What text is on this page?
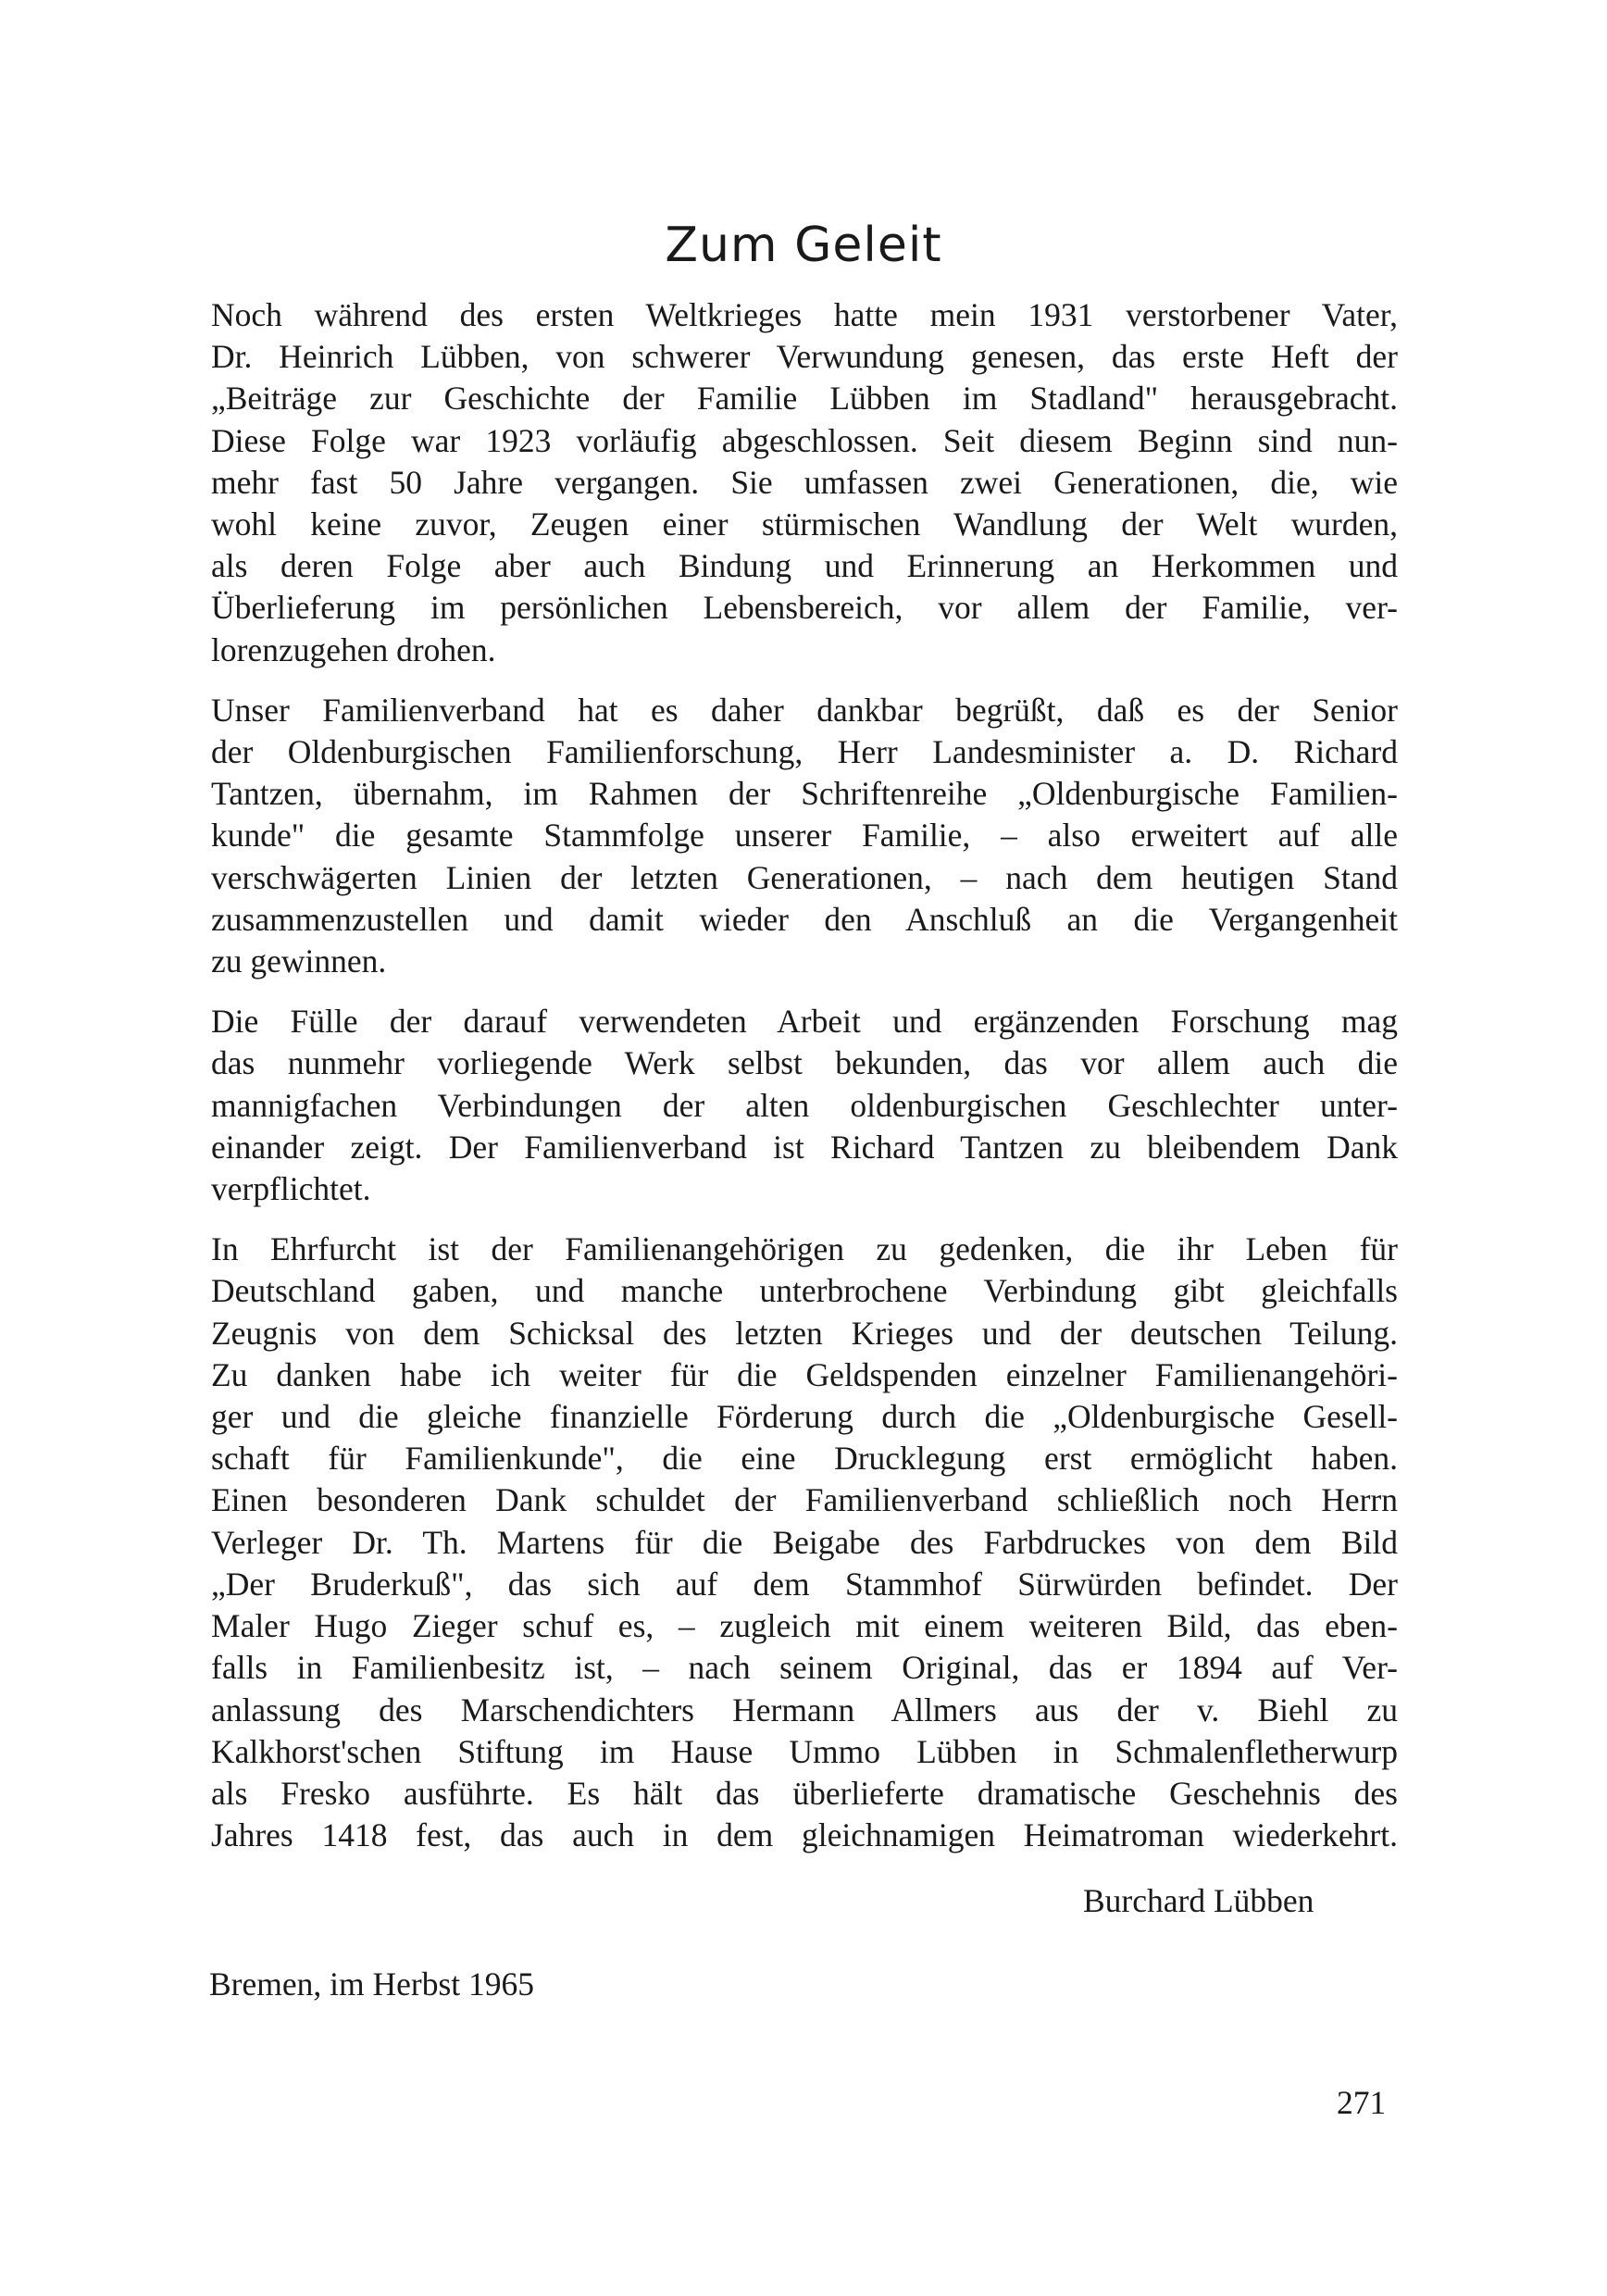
Zum Geleit

Noch während des ersten Weltkrieges hatte mein 1931 verstorbener Vater,
Dr. Heinrich Lübben, von schwerer Verwundung genesen, das erste Heft der
„Beiträge zur Geschichte der Familie Lübben im Stadland" herausgebracht.
Diese Folge war 1923 vorläufig abgeschlossen. Seit diesem Beginn sind nun-
mehr fast 50 Jahre vergangen. Sie umfassen zwei Generationen, die, wie
wohl keine zuvor, Zeugen einer stürmischen Wandlung der Welt wurden,
als deren Folge aber auch Bindung und Erinnerung an Herkommen und
Überlieferung im persönlichen Lebensbereich, vor allem der Familie, ver-
lorenzugehen drohen.

Unser Familienverband hat es daher dankbar begrüßt, daß es der Senior
der Oldenburgischen Familienforschung, Herr Landesminister a. D. Richard
Tantzen, übernahm, im Rahmen der Schriftenreihe „Oldenburgische Familien-
kunde" die gesamte Stammfolge unserer Familie, – also erweitert auf alle
verschwägerten Linien der letzten Generationen, – nach dem heutigen Stand
zusammenzustellen und damit wieder den Anschluß an die Vergangenheit
zu gewinnen.

Die Fülle der darauf verwendeten Arbeit und ergänzenden Forschung mag
das nunmehr vorliegende Werk selbst bekunden, das vor allem auch die
mannigfachen Verbindungen der alten oldenburgischen Geschlechter unter-
einander zeigt. Der Familienverband ist Richard Tantzen zu bleibendem Dank
verpflichtet.

In Ehrfurcht ist der Familienangehörigen zu gedenken, die ihr Leben für
Deutschland gaben, und manche unterbrochene Verbindung gibt gleichfalls
Zeugnis von dem Schicksal des letzten Krieges und der deutschen Teilung.
Zu danken habe ich weiter für die Geldspenden einzelner Familienangehöri-
ger und die gleiche finanzielle Förderung durch die „Oldenburgische Gesell-
schaft für Familienkunde", die eine Drucklegung erst ermöglicht haben.
Einen besonderen Dank schuldet der Familienverband schließlich noch Herrn
Verleger Dr. Th. Martens für die Beigabe des Farbdruckes von dem Bild
„Der Bruderkuß", das sich auf dem Stammhof Sürwürden befindet. Der
Maler Hugo Zieger schuf es, – zugleich mit einem weiteren Bild, das eben-
falls in Familienbesitz ist, – nach seinem Original, das er 1894 auf Ver-
anlassung des Marschendichters Hermann Allmers aus der v. Biehl zu
Kalkhorst'schen Stiftung im Hause Ummo Lübben in Schmalenfletherwurp
als Fresko ausführte. Es hält das überlieferte dramatische Geschehnis des
Jahres 1418 fest, das auch in dem gleichnamigen Heimatroman wiederkehrt.

Burchard Lübben
Bremen, im Herbst 1965
271
